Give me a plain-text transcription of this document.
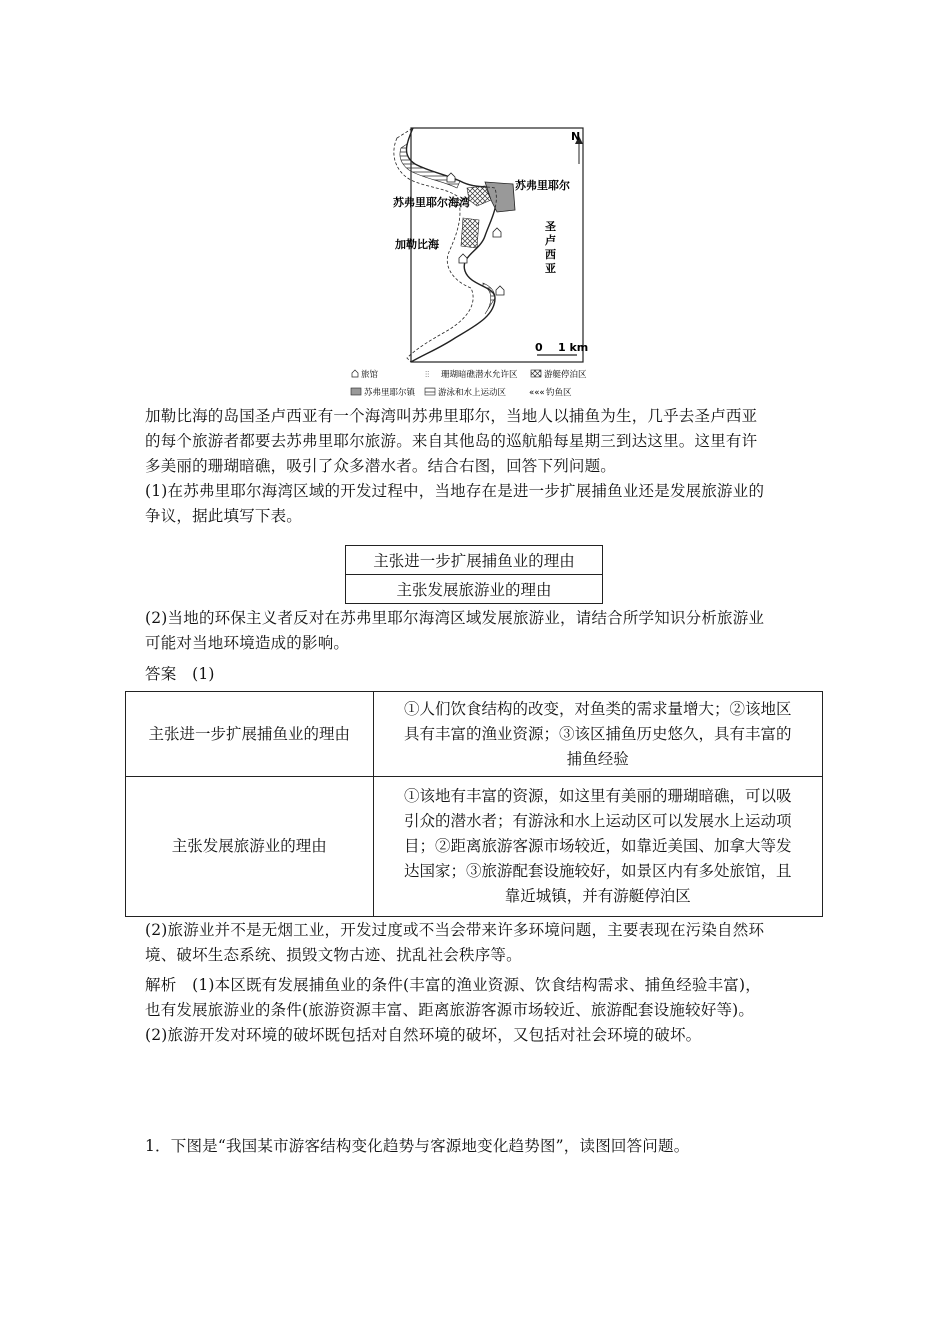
N
苏弗里耶尔
苏弗里耶尔海湾
加勒比海
圣
卢
西
亚
0    1 km
旅馆	⫶⫶ 珊瑚暗礁潜水允许区	游艇停泊区
苏弗里耶尔镇	游泳和水上运动区	««« 钓鱼区
加勒比海的岛国圣卢西亚有一个海湾叫苏弗里耶尔，当地人以捕鱼为生，几乎去圣卢西亚
的每个旅游者都要去苏弗里耶尔旅游。来自其他岛的巡航船每星期三到达这里。这里有许
多美丽的珊瑚暗礁，吸引了众多潜水者。结合右图，回答下列问题。
(1)在苏弗里耶尔海湾区域的开发过程中，当地存在是进一步扩展捕鱼业还是发展旅游业的
争议，据此填写下表。
主张进一步扩展捕鱼业的理由
主张发展旅游业的理由
(2)当地的环保主义者反对在苏弗里耶尔海湾区域发展旅游业，请结合所学知识分析旅游业
可能对当地环境造成的影响。
答案　(1)
主张进一步扩展捕鱼业的理由	①人们饮食结构的改变，对鱼类的需求量增大；②该地区
具有丰富的渔业资源；③该区捕鱼历史悠久，具有丰富的
捕鱼经验

主张发展旅游业的理由	①该地有丰富的资源，如这里有美丽的珊瑚暗礁，可以吸
引众的潜水者；有游泳和水上运动区可以发展水上运动项
目；②距离旅游客源市场较近，如靠近美国、加拿大等发
达国家；③旅游配套设施较好，如景区内有多处旅馆，且
靠近城镇，并有游艇停泊区
(2)旅游业并不是无烟工业，开发过度或不当会带来许多环境问题，主要表现在污染自然环
境、破坏生态系统、损毁文物古迹、扰乱社会秩序等。
解析　(1)本区既有发展捕鱼业的条件(丰富的渔业资源、饮食结构需求、捕鱼经验丰富)，
也有发展旅游业的条件(旅游资源丰富、距离旅游客源市场较近、旅游配套设施较好等)。
(2)旅游开发对环境的破坏既包括对自然环境的破坏，又包括对社会环境的破坏。
1．下图是“我国某市游客结构变化趋势与客源地变化趋势图”，读图回答问题。
